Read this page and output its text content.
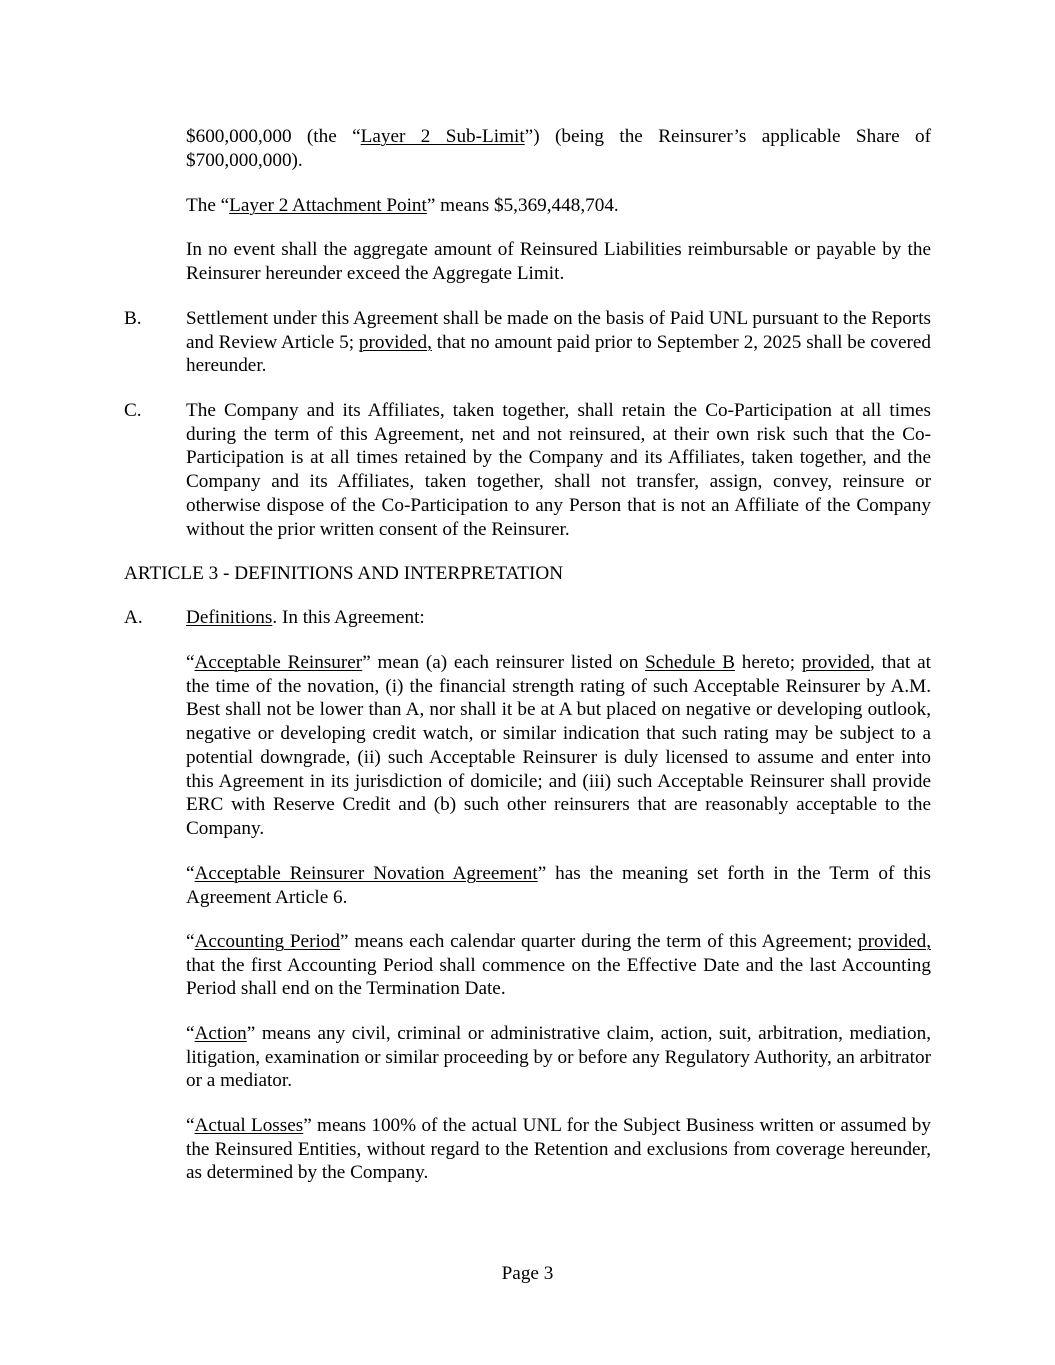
$600,000,000 (the “Layer 2 Sub-Limit”) (being the Reinsurer’s applicable Share of $700,000,000).

The “Layer 2 Attachment Point” means $5,369,448,704.

In no event shall the aggregate amount of Reinsured Liabilities reimbursable or payable by the Reinsurer hereunder exceed the Aggregate Limit.

B. Settlement under this Agreement shall be made on the basis of Paid UNL pursuant to the Reports and Review Article 5; provided, that no amount paid prior to September 2, 2025 shall be covered hereunder.

C. The Company and its Affiliates, taken together, shall retain the Co-Participation at all times during the term of this Agreement, net and not reinsured, at their own risk such that the Co-Participation is at all times retained by the Company and its Affiliates, taken together, and the Company and its Affiliates, taken together, shall not transfer, assign, convey, reinsure or otherwise dispose of the Co-Participation to any Person that is not an Affiliate of the Company without the prior written consent of the Reinsurer.

ARTICLE 3 - DEFINITIONS AND INTERPRETATION
A. Definitions. In this Agreement:

“Acceptable Reinsurer” mean (a) each reinsurer listed on Schedule B hereto; provided, that at the time of the novation, (i) the financial strength rating of such Acceptable Reinsurer by A.M. Best shall not be lower than A, nor shall it be at A but placed on negative or developing outlook, negative or developing credit watch, or similar indication that such rating may be subject to a potential downgrade, (ii) such Acceptable Reinsurer is duly licensed to assume and enter into this Agreement in its jurisdiction of domicile; and (iii) such Acceptable Reinsurer shall provide ERC with Reserve Credit and (b) such other reinsurers that are reasonably acceptable to the Company.

“Acceptable Reinsurer Novation Agreement” has the meaning set forth in the Term of this Agreement Article 6.

“Accounting Period” means each calendar quarter during the term of this Agreement; provided, that the first Accounting Period shall commence on the Effective Date and the last Accounting Period shall end on the Termination Date.

“Action” means any civil, criminal or administrative claim, action, suit, arbitration, mediation, litigation, examination or similar proceeding by or before any Regulatory Authority, an arbitrator or a mediator.

“Actual Losses” means 100% of the actual UNL for the Subject Business written or assumed by the Reinsured Entities, without regard to the Retention and exclusions from coverage hereunder, as determined by the Company.

Page 3
